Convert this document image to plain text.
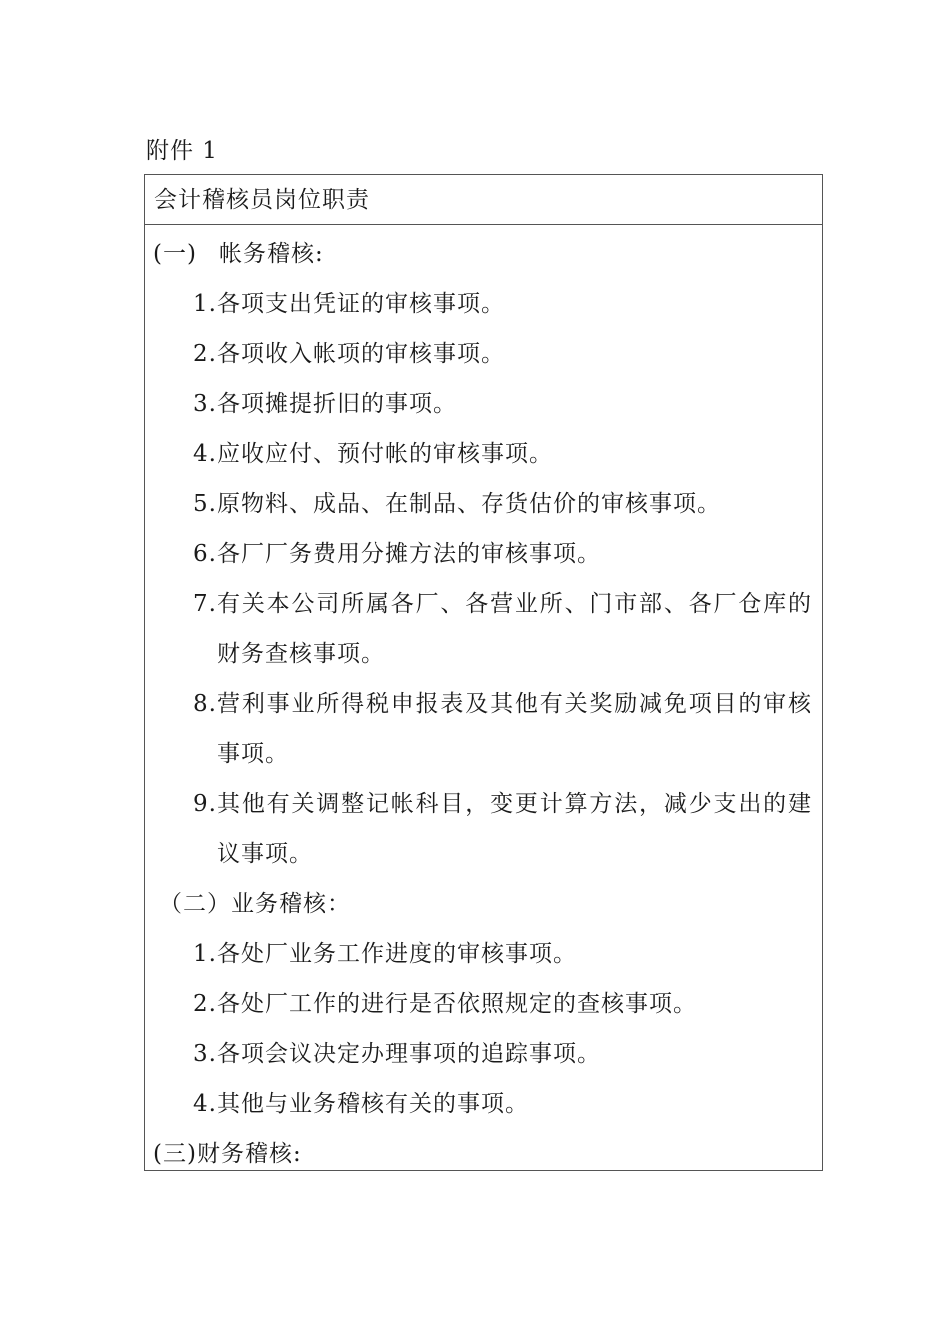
附件 1
会计稽核员岗位职责
(一) 帐务稽核:
1. 各项支出凭证的审核事项。
2. 各项收入帐项的审核事项。
3. 各项摊提折旧的事项。
4. 应收应付、预付帐的审核事项。
5. 原物料、成品、在制品、存货估价的审核事项。
6. 各厂厂务费用分摊方法的审核事项。
7. 有关本公司所属各厂、各营业所、门市部、各厂仓库的财务查核事项。
8. 营利事业所得税申报表及其他有关奖励减免项目的审核事项。
9. 其他有关调整记帐科目，变更计算方法，减少支出的建议事项。
（二）业务稽核：
1. 各处厂业务工作进度的审核事项。
2. 各处厂工作的进行是否依照规定的查核事项。
3. 各项会议决定办理事项的追踪事项。
4. 其他与业务稽核有关的事项。
(三)财务稽核:
